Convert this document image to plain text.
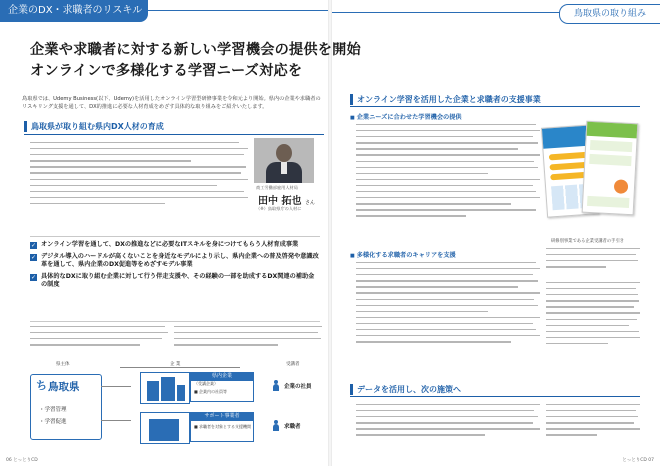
企業のDX・求職者のリスキル支援
鳥取県の取り組み
企業や求職者に対する新しい学習機会の提供を開始
オンラインで多様化する学習ニーズ対応を
鳥取県では、Udemy Business(以下、Udemy)を活用したオンライン学習型研修事業を令和元より開始。県内の企業や求職者のリスキリング支援を通して、DX的推進に必要な人材育成をめざす具体的な取り組みをご紹介いたします。
鳥取県が取り組む県内DX人材の育成
商工労働部雇用人材局
田中 拓也 さん
（※）鳥取県庁の人材に
✓ オンライン学習を通して、DXの推進などに必要なITスキルを身につけてもらう人材育成事業
✓ デジタル導入のハードルが高くないことを身近なモデルにより示し、県内企業への普及啓発や意識改革を通して、県内企業のDX促進等をめざすモデル事業
✓ 具体的なDXに取り組む企業に対して行う伴走支援や、その経験の一部を助成するDX関連の補助金の制度
県主体	企 業	受講者
ち 鳥取県
・学習管理
・学習促進
県内企業
（受講企業）
■ 企業内の社員等
企業の社員
サポート事業者
■ 求職者を対象とする支援機関	求職者
オンライン学習を活用した企業と求職者の支援事業
■ 企業ニーズに合わせた学習機会の提供
研修別事業である企業受講者の手引き
■ 多様化する求職者のキャリアを支援
データを活用し、次の施策へ
06 とっとりCD	とっとりCD 07
